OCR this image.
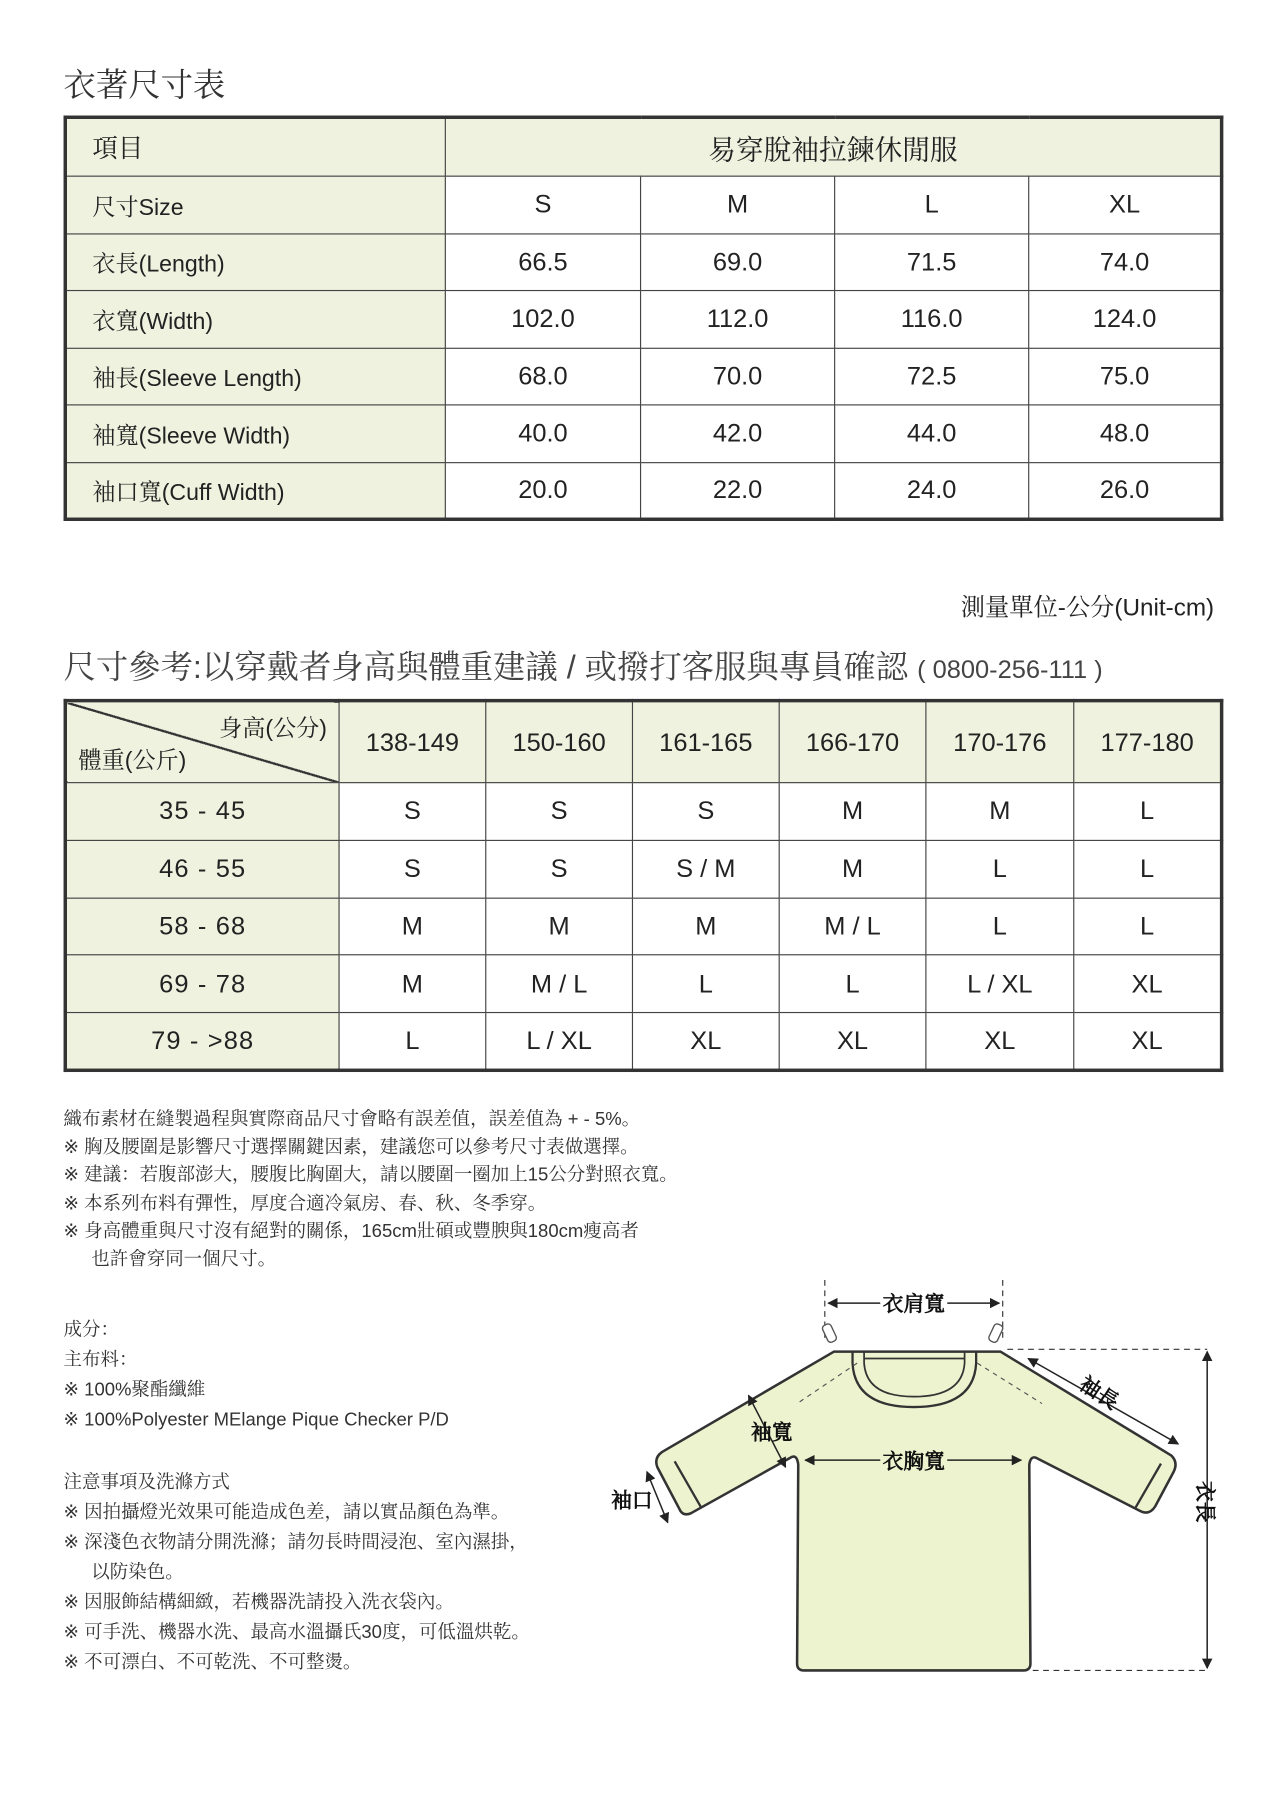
衣著尺寸表
項目	易穿脫袖拉鍊休閒服			
尺寸Size	S	M	L	XL
衣長(Length)	66.5	69.0	71.5	74.0
衣寬(Width)	102.0	112.0	116.0	124.0
袖長(Sleeve Length)	68.0	70.0	72.5	75.0
袖寬(Sleeve Width)	40.0	42.0	44.0	48.0
袖口寬(Cuff Width)	20.0	22.0	24.0	26.0
測量單位-公分(Unit-cm)
尺寸參考:以穿戴者身高與體重建議 / 或撥打客服與專員確認 ( 0800-256-111 )
身高(公分)
體重(公斤)	138-149	150-160	161-165	166-170	170-176	177-180
35 - 45	S	S	S	M	M	L
46 - 55	S	S	S / M	M	L	L
58 - 68	M	M	M	M / L	L	L
69 - 78	M	M / L	L	L	L / XL	XL
79 - >88	L	L / XL	XL	XL	XL	XL
織布素材在縫製過程與實際商品尺寸會略有誤差值，誤差值為 + - 5%。
※ 胸及腰圍是影響尺寸選擇關鍵因素，建議您可以參考尺寸表做選擇。
※ 建議：若腹部澎大，腰腹比胸圍大，請以腰圍一圈加上15公分對照衣寬。
※ 本系列布料有彈性，厚度合適冷氣房、春、秋、冬季穿。
※ 身高體重與尺寸沒有絕對的關係，165cm壯碩或豐腴與180cm瘦高者
也許會穿同一個尺寸。
成分：
主布料：
※ 100%聚酯纖維
※ 100%Polyester MElange Pique Checker P/D
注意事項及洗滌方式
※ 因拍攝燈光效果可能造成色差，請以實品顏色為準。
※ 深淺色衣物請分開洗滌；請勿長時間浸泡、室內濕掛，
以防染色。
※ 因服飾結構細緻，若機器洗請投入洗衣袋內。
※ 可手洗、機器水洗、最高水溫攝氏30度，可低溫烘乾。
※ 不可漂白、不可乾洗、不可整燙。
衣肩寬
袖長
袖寬
衣胸寬
袖口	衣長
